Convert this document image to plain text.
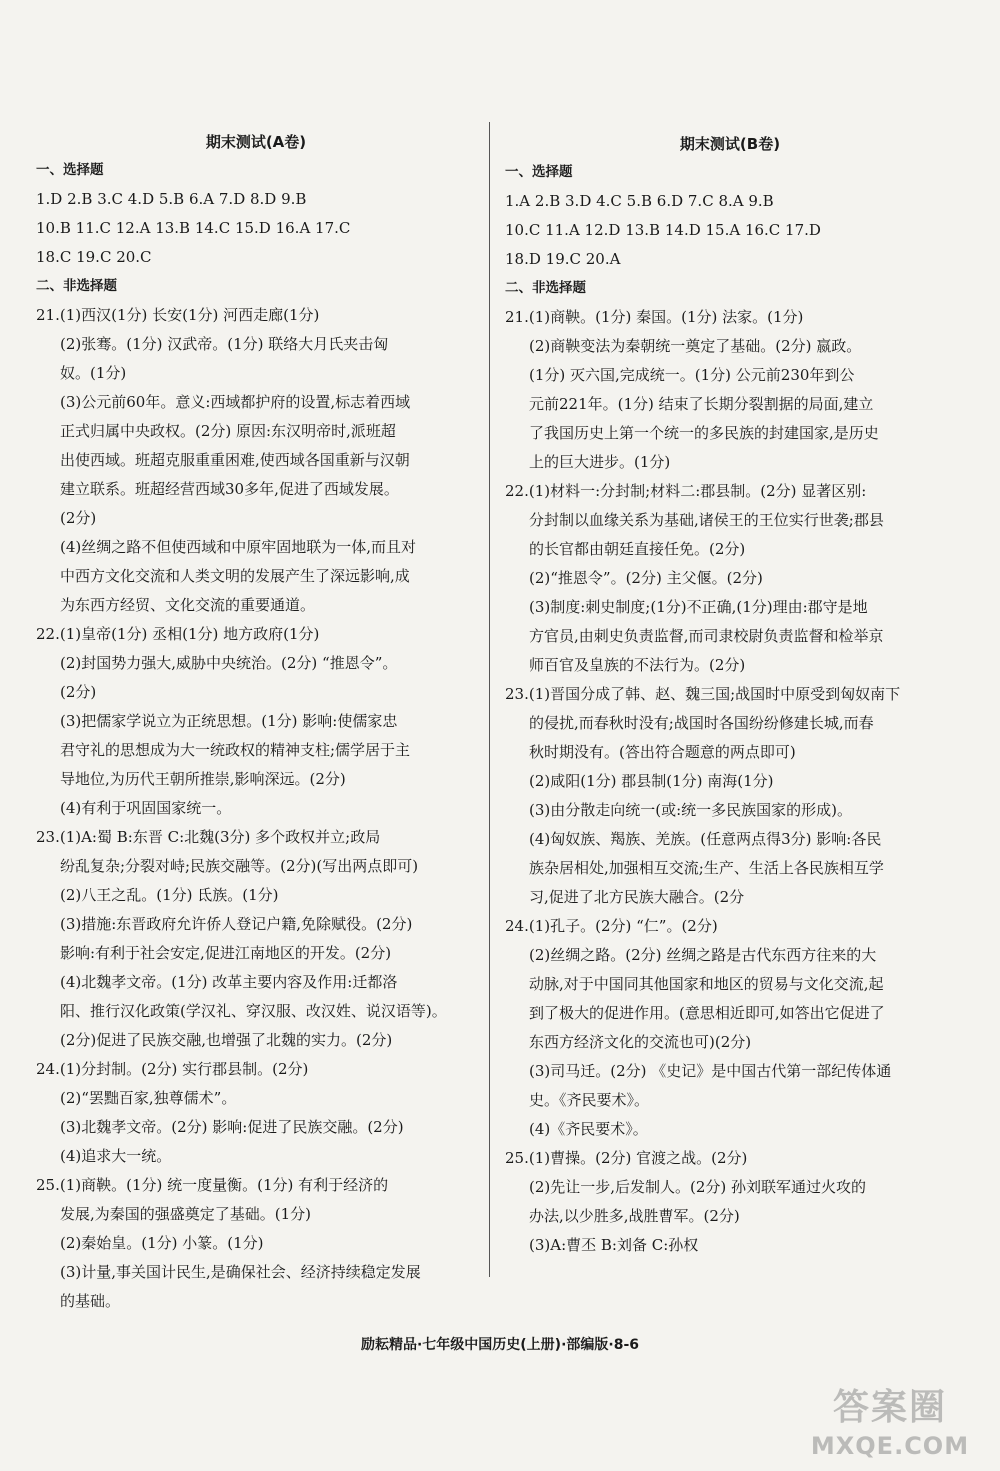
期末测试(A卷)
一、选择题
1.D 2.B 3.C 4.D 5.B 6.A 7.D 8.D 9.B
10.B 11.C 12.A 13.B 14.C 15.D 16.A 17.C
18.C 19.C 20.C
二、非选择题
21.(1)西汉(1分) 长安(1分) 河西走廊(1分)
(2)张骞。(1分) 汉武帝。(1分) 联络大月氏夹击匈
奴。(1分)
(3)公元前60年。意义:西域都护府的设置,标志着西域
正式归属中央政权。(2分) 原因:东汉明帝时,派班超
出使西域。班超克服重重困难,使西域各国重新与汉朝
建立联系。班超经营西域30多年,促进了西域发展。
(2分)
(4)丝绸之路不但使西域和中原牢固地联为一体,而且对
中西方文化交流和人类文明的发展产生了深远影响,成
为东西方经贸、文化交流的重要通道。
22.(1)皇帝(1分) 丞相(1分) 地方政府(1分)
(2)封国势力强大,威胁中央统治。(2分) “推恩令”。
(2分)
(3)把儒家学说立为正统思想。(1分) 影响:使儒家忠
君守礼的思想成为大一统政权的精神支柱;儒学居于主
导地位,为历代王朝所推崇,影响深远。(2分)
(4)有利于巩固国家统一。
23.(1)A:蜀 B:东晋 C:北魏(3分) 多个政权并立;政局
纷乱复杂;分裂对峙;民族交融等。(2分)(写出两点即可)
(2)八王之乱。(1分) 氐族。(1分)
(3)措施:东晋政府允许侨人登记户籍,免除赋役。(2分)
影响:有利于社会安定,促进江南地区的开发。(2分)
(4)北魏孝文帝。(1分) 改革主要内容及作用:迁都洛
阳、推行汉化政策(学汉礼、穿汉服、改汉姓、说汉语等)。
(2分)促进了民族交融,也增强了北魏的实力。(2分)
24.(1)分封制。(2分) 实行郡县制。(2分)
(2)“罢黜百家,独尊儒术”。
(3)北魏孝文帝。(2分) 影响:促进了民族交融。(2分)
(4)追求大一统。
25.(1)商鞅。(1分) 统一度量衡。(1分) 有利于经济的
发展,为秦国的强盛奠定了基础。(1分)
(2)秦始皇。(1分) 小篆。(1分)
(3)计量,事关国计民生,是确保社会、经济持续稳定发展
的基础。
期末测试(B卷)
一、选择题
1.A 2.B 3.D 4.C 5.B 6.D 7.C 8.A 9.B
10.C 11.A 12.D 13.B 14.D 15.A 16.C 17.D
18.D 19.C 20.A
二、非选择题
21.(1)商鞅。(1分) 秦国。(1分) 法家。(1分)
(2)商鞅变法为秦朝统一奠定了基础。(2分) 嬴政。
(1分) 灭六国,完成统一。(1分) 公元前230年到公
元前221年。(1分) 结束了长期分裂割据的局面,建立
了我国历史上第一个统一的多民族的封建国家,是历史
上的巨大进步。(1分)
22.(1)材料一:分封制;材料二:郡县制。(2分) 显著区别:
分封制以血缘关系为基础,诸侯王的王位实行世袭;郡县
的长官都由朝廷直接任免。(2分)
(2)“推恩令”。(2分) 主父偃。(2分)
(3)制度:刺史制度;(1分)不正确,(1分)理由:郡守是地
方官员,由刺史负责监督,而司隶校尉负责监督和检举京
师百官及皇族的不法行为。(2分)
23.(1)晋国分成了韩、赵、魏三国;战国时中原受到匈奴南下
的侵扰,而春秋时没有;战国时各国纷纷修建长城,而春
秋时期没有。(答出符合题意的两点即可)
(2)咸阳(1分) 郡县制(1分) 南海(1分)
(3)由分散走向统一(或:统一多民族国家的形成)。
(4)匈奴族、羯族、羌族。(任意两点得3分) 影响:各民
族杂居相处,加强相互交流;生产、生活上各民族相互学
习,促进了北方民族大融合。(2分
24.(1)孔子。(2分) “仁”。(2分)
(2)丝绸之路。(2分) 丝绸之路是古代东西方往来的大
动脉,对于中国同其他国家和地区的贸易与文化交流,起
到了极大的促进作用。(意思相近即可,如答出它促进了
东西方经济文化的交流也可)(2分)
(3)司马迁。(2分) 《史记》是中国古代第一部纪传体通
史。《齐民要术》。
(4)《齐民要术》。
25.(1)曹操。(2分) 官渡之战。(2分)
(2)先让一步,后发制人。(2分) 孙刘联军通过火攻的
办法,以少胜多,战胜曹军。(2分)
(3)A:曹丕 B:刘备 C:孙权
励耘精品·七年级中国历史(上册)·部编版·8-6
答案圈
MXQE.COM
